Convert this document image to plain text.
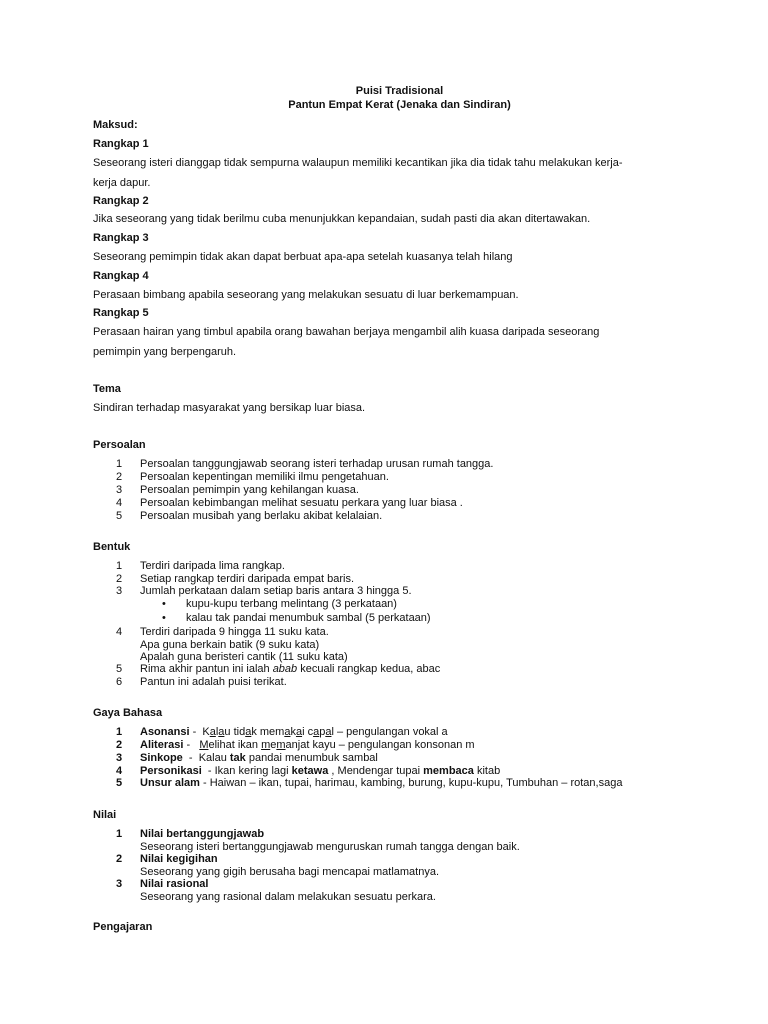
Puisi Tradisional
Pantun Empat Kerat (Jenaka dan Sindiran)
Maksud:
Rangkap 1
Seseorang isteri dianggap tidak sempurna walaupun memiliki kecantikan jika dia tidak tahu melakukan kerja-
kerja dapur.
Rangkap 2
Jika seseorang yang tidak berilmu cuba menunjukkan kepandaian, sudah pasti dia akan ditertawakan.
Rangkap 3
Seseorang pemimpin tidak akan dapat berbuat apa-apa setelah kuasanya telah hilang
Rangkap 4
Perasaan bimbang apabila seseorang yang melakukan sesuatu di luar berkemampuan.
Rangkap 5
Perasaan hairan yang timbul apabila orang bawahan berjaya mengambil alih kuasa daripada seseorang
pemimpin yang berpengaruh.
Tema
Sindiran terhadap masyarakat yang bersikap luar biasa.
Persoalan
1 Persoalan tanggungjawab seorang isteri terhadap urusan rumah tangga.
2 Persoalan kepentingan memiliki ilmu pengetahuan.
3 Persoalan pemimpin yang kehilangan kuasa.
4 Persoalan kebimbangan melihat sesuatu perkara yang luar biasa .
5 Persoalan musibah yang berlaku akibat kelalaian.
Bentuk
1 Terdiri daripada lima rangkap.
2 Setiap rangkap terdiri daripada empat baris.
3 Jumlah perkataan dalam setiap baris antara 3 hingga 5.
• kupu-kupu terbang melintang (3 perkataan)
• kalau tak pandai menumbuk sambal (5 perkataan)
4 Terdiri daripada 9 hingga 11 suku kata.
Apa guna berkain batik (9 suku kata)
Apalah guna beristeri cantik (11 suku kata)
5 Rima akhir pantun ini ialah abab kecuali rangkap kedua, abac
6 Pantun ini adalah puisi terikat.
Gaya Bahasa
1 Asonansi -  Kalau tidak memakai capal – pengulangan vokal a
2 Aliterasi -   Melihat ikan memanjat kayu – pengulangan konsonan m
3 Sinkope  -  Kalau tak pandai menumbuk sambal
4 Personikasi  - Ikan kering lagi ketawa , Mendengar tupai membaca kitab
5 Unsur alam - Haiwan – ikan, tupai, harimau, kambing, burung, kupu-kupu, Tumbuhan – rotan,saga
Nilai
1 Nilai bertanggungjawab
Seseorang isteri bertanggungjawab menguruskan rumah tangga dengan baik.
2 Nilai kegigihan
Seseorang yang gigih berusaha bagi mencapai matlamatnya.
3 Nilai rasional
Seseorang yang rasional dalam melakukan sesuatu perkara.
Pengajaran
